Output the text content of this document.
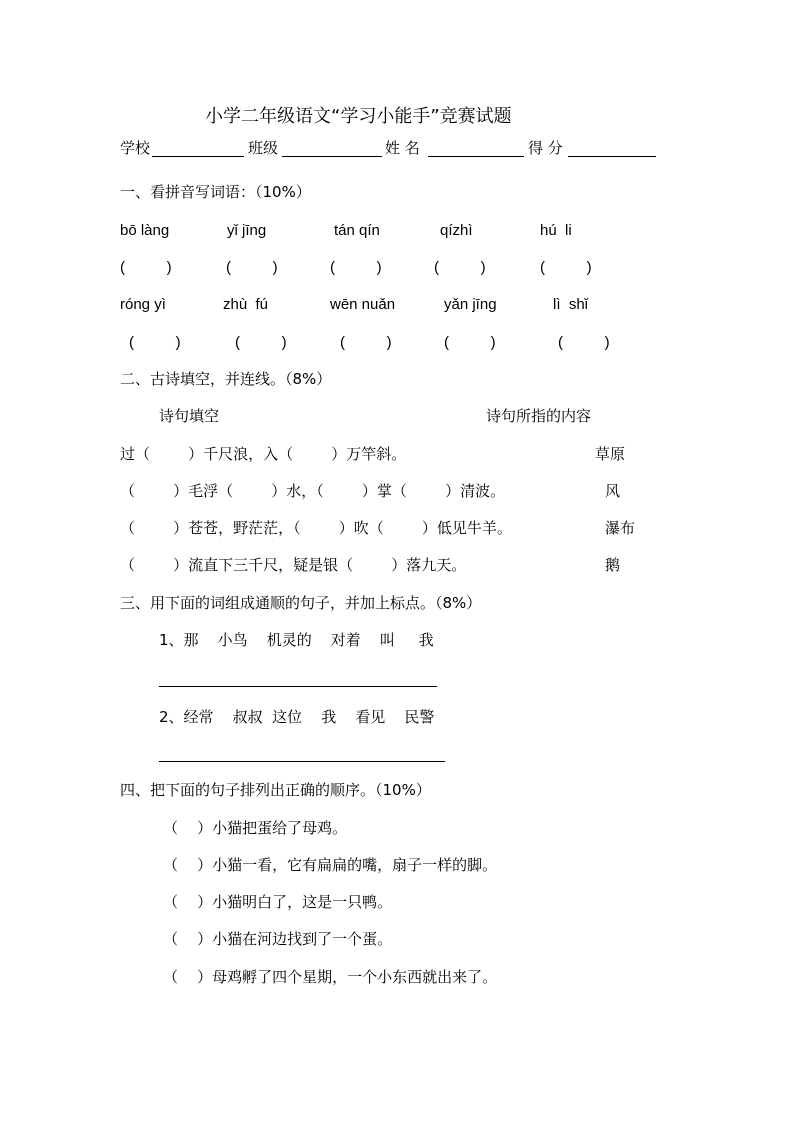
小学二年级语文“学习小能手”竞赛试题
学校	班级	姓 名	得 分
一、看拼音写词语：（10%）
bō làng	yǐ jīng	tán qín	qízhì	hú  li
(          )	(          )	(          )	(          )	(          )
róng yì	zhù  fú	wēn nuǎn	yǎn jīng	lì  shǐ
(          )	(          )	(          )	(          )	(          )
二、古诗填空，并连线。（8%）
诗句填空	诗句所指的内容
过（        ）千尺浪，入（        ）万竿斜。
（        ）毛浮（        ）水，（        ）掌（        ）清波。
（        ）苍苍，野茫茫，（        ）吹（        ）低见牛羊。
（        ）流直下三千尺，疑是银（        ）落九天。
草原
风
瀑布
鹅
三、用下面的词组成通顺的句子，并加上标点。（8%）
1、那    小鸟    机灵的    对着    叫     我
2、经常    叔叔  这位    我    看见    民警
四、把下面的句子排列出正确的顺序。（10%）
（    ）小猫把蛋给了母鸡。
（    ）小猫一看，它有扁扁的嘴，扇子一样的脚。
（    ）小猫明白了，这是一只鸭。
（    ）小猫在河边找到了一个蛋。
（    ）母鸡孵了四个星期，一个小东西就出来了。
